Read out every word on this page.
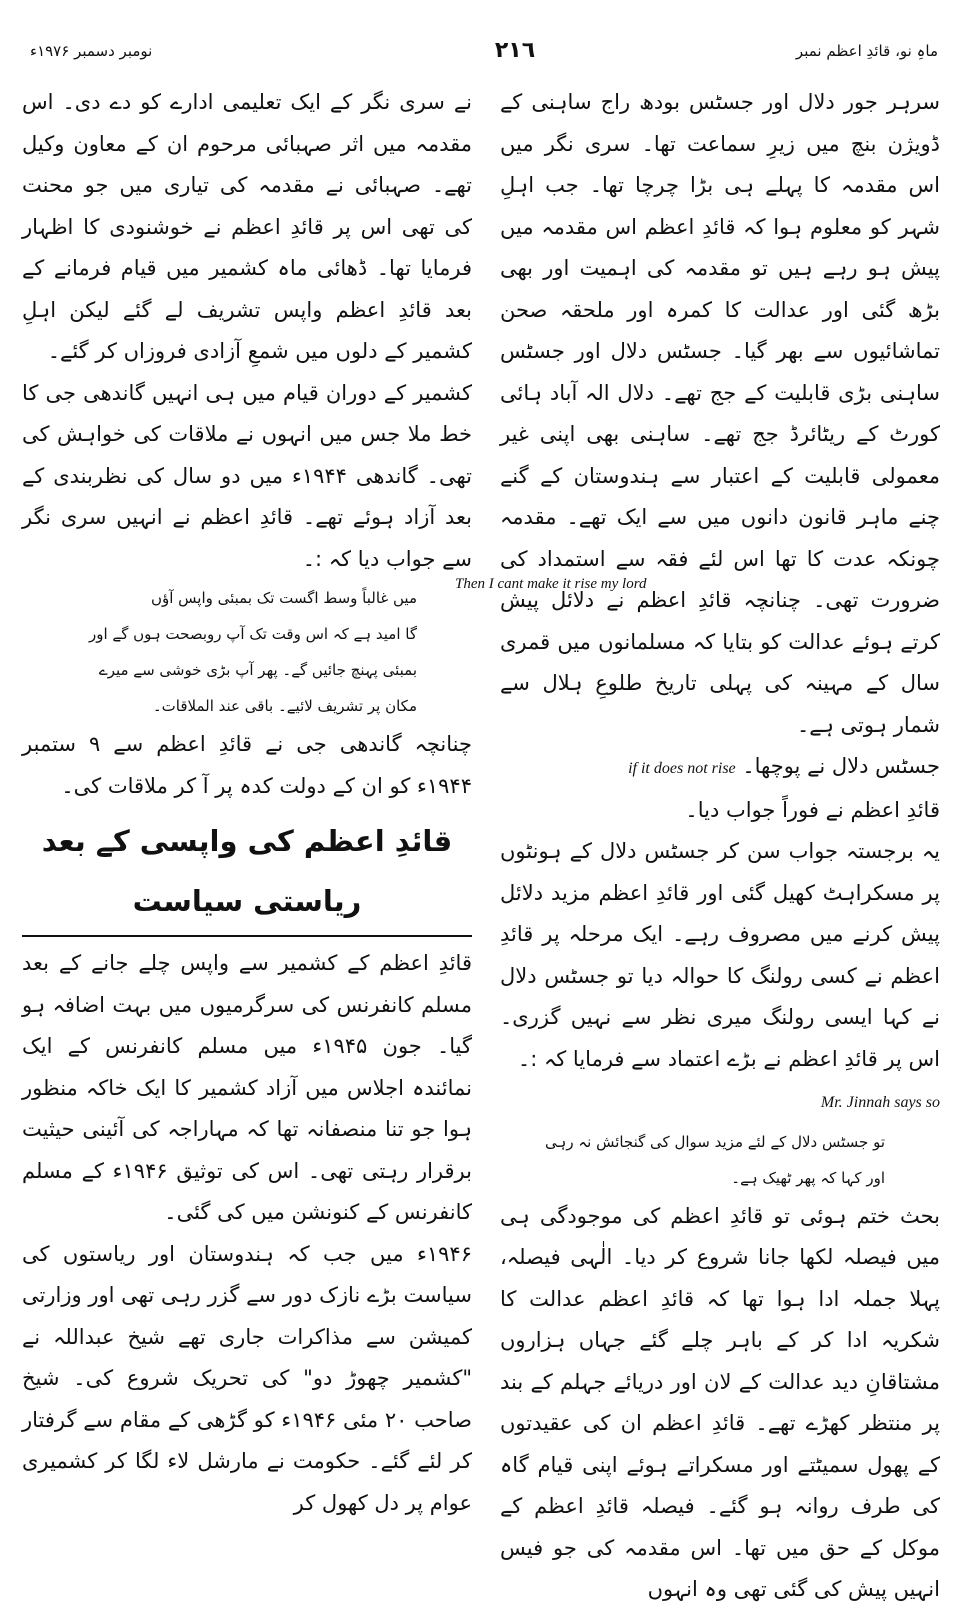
نومبر دسمبر ۱۹۷۶ء	٢١٦	ماہِ نو، قائدِ اعظم نمبر

سرہر جور دلال اور جسٹس بودھ راج ساہنی کے ڈویژن بنچ میں زیرِ سماعت تھا۔ سری نگر میں اس مقدمہ کا پہلے ہی بڑا چرچا تھا۔ جب اہلِ شہر کو معلوم ہوا کہ قائدِ اعظم اس مقدمہ میں پیش ہو رہے ہیں تو مقدمہ کی اہمیت اور بھی بڑھ گئی اور عدالت کا کمرہ اور ملحقہ صحن تماشائیوں سے بھر گیا۔ جسٹس دلال اور جسٹس ساہنی بڑی قابلیت کے جج تھے۔ دلال الہ آباد ہائی کورٹ کے ریٹائرڈ جج تھے۔ ساہنی بھی اپنی غیر معمولی قابلیت کے اعتبار سے ہندوستان کے گنے چنے ماہر قانون دانوں میں سے ایک تھے۔ مقدمہ چونکہ عدت کا تھا اس لئے فقہ سے استمداد کی ضرورت تھی۔ چنانچہ قائدِ اعظم نے دلائل پیش کرتے ہوئے عدالت کو بتایا کہ مسلمانوں میں قمری سال کے مہینہ کی پہلی تاریخ طلوعِ ہلال سے شمار ہوتی ہے۔

جسٹس دلال نے پوچھا۔ if it does not rise

قائدِ اعظم نے فوراً جواب دیا۔

یہ برجستہ جواب سن کر جسٹس دلال کے ہونٹوں پر مسکراہٹ کھیل گئی اور قائدِ اعظم مزید دلائل پیش کرنے میں مصروف رہے۔ ایک مرحلہ پر قائدِ اعظم نے کسی رولنگ کا حوالہ دیا تو جسٹس دلال نے کہا ایسی رولنگ میری نظر سے نہیں گزری۔ اس پر قائدِ اعظم نے بڑے اعتماد سے فرمایا کہ :۔

Mr. Jinnah says so

تو جسٹس دلال کے لئے مزید سوال کی گنجائش نہ رہی

اور کہا کہ پھر ٹھیک ہے۔

بحث ختم ہوئی تو قائدِ اعظم کی موجودگی ہی میں فیصلہ لکھا جانا شروع کر دیا۔ الٰہی فیصلہ، پہلا جملہ ادا ہوا تھا کہ قائدِ اعظم عدالت کا شکریہ ادا کر کے باہر چلے گئے جہاں ہزاروں مشتاقانِ دید عدالت کے لان اور دریائے جہلم کے بند پر منتظر کھڑے تھے۔ قائدِ اعظم ان کی عقیدتوں کے پھول سمیٹتے اور مسکراتے ہوئے اپنی قیام گاہ کی طرف روانہ ہو گئے۔ فیصلہ قائدِ اعظم کے موکل کے حق میں تھا۔ اس مقدمہ کی جو فیس انہیں پیش کی گئی تھی وہ انہوں

Then I cant make it rise my lord

نے سری نگر کے ایک تعلیمی ادارے کو دے دی۔ اس مقدمہ میں اثر صہبائی مرحوم ان کے معاون وکیل تھے۔ صہبائی نے مقدمہ کی تیاری میں جو محنت کی تھی اس پر قائدِ اعظم نے خوشنودی کا اظہار فرمایا تھا۔ ڈھائی ماہ کشمیر میں قیام فرمانے کے بعد قائدِ اعظم واپس تشریف لے گئے لیکن اہلِ کشمیر کے دلوں میں شمعِ آزادی فروزاں کر گئے۔

کشمیر کے دوران قیام میں ہی انہیں گاندھی جی کا خط ملا جس میں انہوں نے ملاقات کی خواہش کی تھی۔ گاندھی ۱۹۴۴ء میں دو سال کی نظربندی کے بعد آزاد ہوئے تھے۔ قائدِ اعظم نے انہیں سری نگر سے جواب دیا کہ :۔

میں غالباً وسط اگست تک بمبئی واپس آؤں

گا امید ہے کہ اس وقت تک آپ روبصحت ہوں گے اور

بمبئی پہنچ جائیں گے۔ پھر آپ بڑی خوشی سے میرے

مکان پر تشریف لائیے۔ باقی عند الملاقات۔

چنانچہ گاندھی جی نے قائدِ اعظم سے ۹ ستمبر ۱۹۴۴ء کو ان کے دولت کدہ پر آ کر ملاقات کی۔

قائدِ اعظم کی واپسی کے بعد ریاستی سیاست

قائدِ اعظم کے کشمیر سے واپس چلے جانے کے بعد مسلم کانفرنس کی سرگرمیوں میں بہت اضافہ ہو گیا۔ جون ۱۹۴۵ء میں مسلم کانفرنس کے ایک نمائندہ اجلاس میں آزاد کشمیر کا ایک خاکہ منظور ہوا جو تنا منصفانہ تھا کہ مہاراجہ کی آئینی حیثیت برقرار رہتی تھی۔ اس کی توثیق ۱۹۴۶ء کے مسلم کانفرنس کے کنونشن میں کی گئی۔

۱۹۴۶ء میں جب کہ ہندوستان اور ریاستوں کی سیاست بڑے نازک دور سے گزر رہی تھی اور وزارتی کمیشن سے مذاکرات جاری تھے شیخ عبداللہ نے "کشمیر چھوڑ دو" کی تحریک شروع کی۔ شیخ صاحب ۲۰ مئی ۱۹۴۶ء کو گڑھی کے مقام سے گرفتار کر لئے گئے۔ حکومت نے مارشل لاء لگا کر کشمیری عوام پر دل کھول کر
